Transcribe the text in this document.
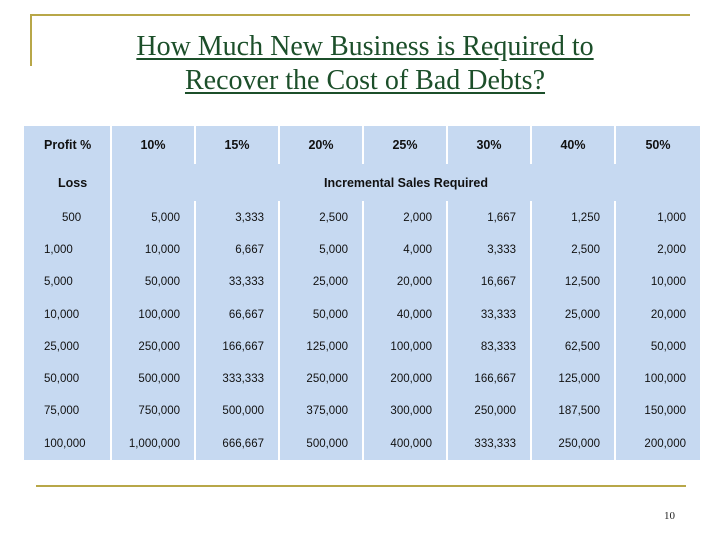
How Much New Business is Required to
Recover the Cost of Bad Debts?
Profit %	10%	15%	20%	25%	30%	40%	50%
Loss	Incremental Sales Required						
500	5,000	3,333	2,500	2,000	1,667	1,250	1,000
1,000	10,000	6,667	5,000	4,000	3,333	2,500	2,000
5,000	50,000	33,333	25,000	20,000	16,667	12,500	10,000
10,000	100,000	66,667	50,000	40,000	33,333	25,000	20,000
25,000	250,000	166,667	125,000	100,000	83,333	62,500	50,000
50,000	500,000	333,333	250,000	200,000	166,667	125,000	100,000
75,000	750,000	500,000	375,000	300,000	250,000	187,500	150,000
100,000	1,000,000	666,667	500,000	400,000	333,333	250,000	200,000
10
